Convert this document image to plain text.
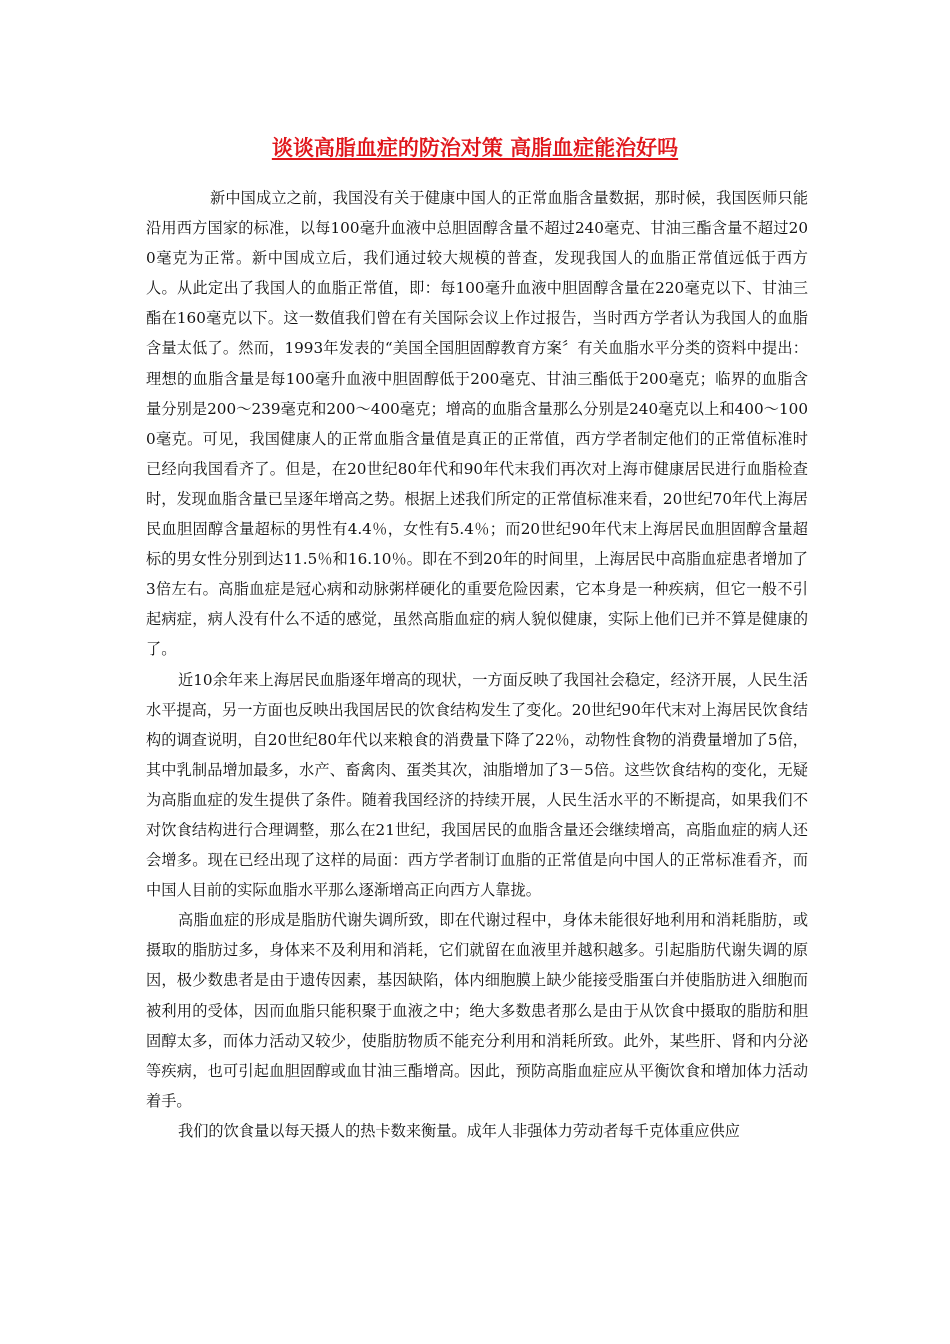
谈谈高脂血症的防治对策 高脂血症能治好吗

新中国成立之前，我国没有关于健康中国人的正常血脂含量数据，那时候，我国医师只能沿用西方国家的标准，以每100毫升血液中总胆固醇含量不超过240毫克、甘油三酯含量不超过200毫克为正常。新中国成立后，我们通过较大规模的普查，发现我国人的血脂正常值远低于西方人。从此定出了我国人的血脂正常值，即：每100毫升血液中胆固醇含量在220毫克以下、甘油三酯在160毫克以下。这一数值我们曾在有关国际会议上作过报告，当时西方学者认为我国人的血脂含量太低了。然而，1993年发表的“美国全国胆固醇教育方案〞有关血脂水平分类的资料中提出：理想的血脂含量是每100毫升血液中胆固醇低于200毫克、甘油三酯低于200毫克；临界的血脂含量分别是200～239毫克和200～400毫克；增高的血脂含量那么分别是240毫克以上和400～1000毫克。可见，我国健康人的正常血脂含量值是真正的正常值，西方学者制定他们的正常值标准时已经向我国看齐了。但是，在20世纪80年代和90年代末我们再次对上海市健康居民进行血脂检查时，发现血脂含量已呈逐年增高之势。根据上述我们所定的正常值标准来看，20世纪70年代上海居民血胆固醇含量超标的男性有4.4％，女性有5.4％；而20世纪90年代末上海居民血胆固醇含量超标的男女性分别到达11.5％和16.10％。即在不到20年的时间里，上海居民中高脂血症患者增加了3倍左右。高脂血症是冠心病和动脉粥样硬化的重要危险因素，它本身是一种疾病，但它一般不引起病症，病人没有什么不适的感觉，虽然高脂血症的病人貌似健康，实际上他们已并不算是健康的了。

近10余年来上海居民血脂逐年增高的现状，一方面反映了我国社会稳定，经济开展，人民生活水平提高，另一方面也反映出我国居民的饮食结构发生了变化。20世纪90年代末对上海居民饮食结构的调查说明，自20世纪80年代以来粮食的消费量下降了22％，动物性食物的消费量增加了5倍，其中乳制品增加最多，水产、畜禽肉、蛋类其次，油脂增加了3－5倍。这些饮食结构的变化，无疑为高脂血症的发生提供了条件。随着我国经济的持续开展，人民生活水平的不断提高，如果我们不对饮食结构进行合理调整，那么在21世纪，我国居民的血脂含量还会继续增高，高脂血症的病人还会增多。现在已经出现了这样的局面：西方学者制订血脂的正常值是向中国人的正常标准看齐，而中国人目前的实际血脂水平那么逐渐增高正向西方人靠拢。

高脂血症的形成是脂肪代谢失调所致，即在代谢过程中，身体未能很好地利用和消耗脂肪，或摄取的脂肪过多，身体来不及利用和消耗，它们就留在血液里并越积越多。引起脂肪代谢失调的原因，极少数患者是由于遗传因素，基因缺陷，体内细胞膜上缺少能接受脂蛋白并使脂肪进入细胞而被利用的受体，因而血脂只能积聚于血液之中；绝大多数患者那么是由于从饮食中摄取的脂肪和胆固醇太多，而体力活动又较少，使脂肪物质不能充分利用和消耗所致。此外，某些肝、肾和内分泌等疾病，也可引起血胆固醇或血甘油三酯增高。因此，预防高脂血症应从平衡饮食和增加体力活动着手。

我们的饮食量以每天摄人的热卡数来衡量。成年人非强体力劳动者每千克体重应供应
